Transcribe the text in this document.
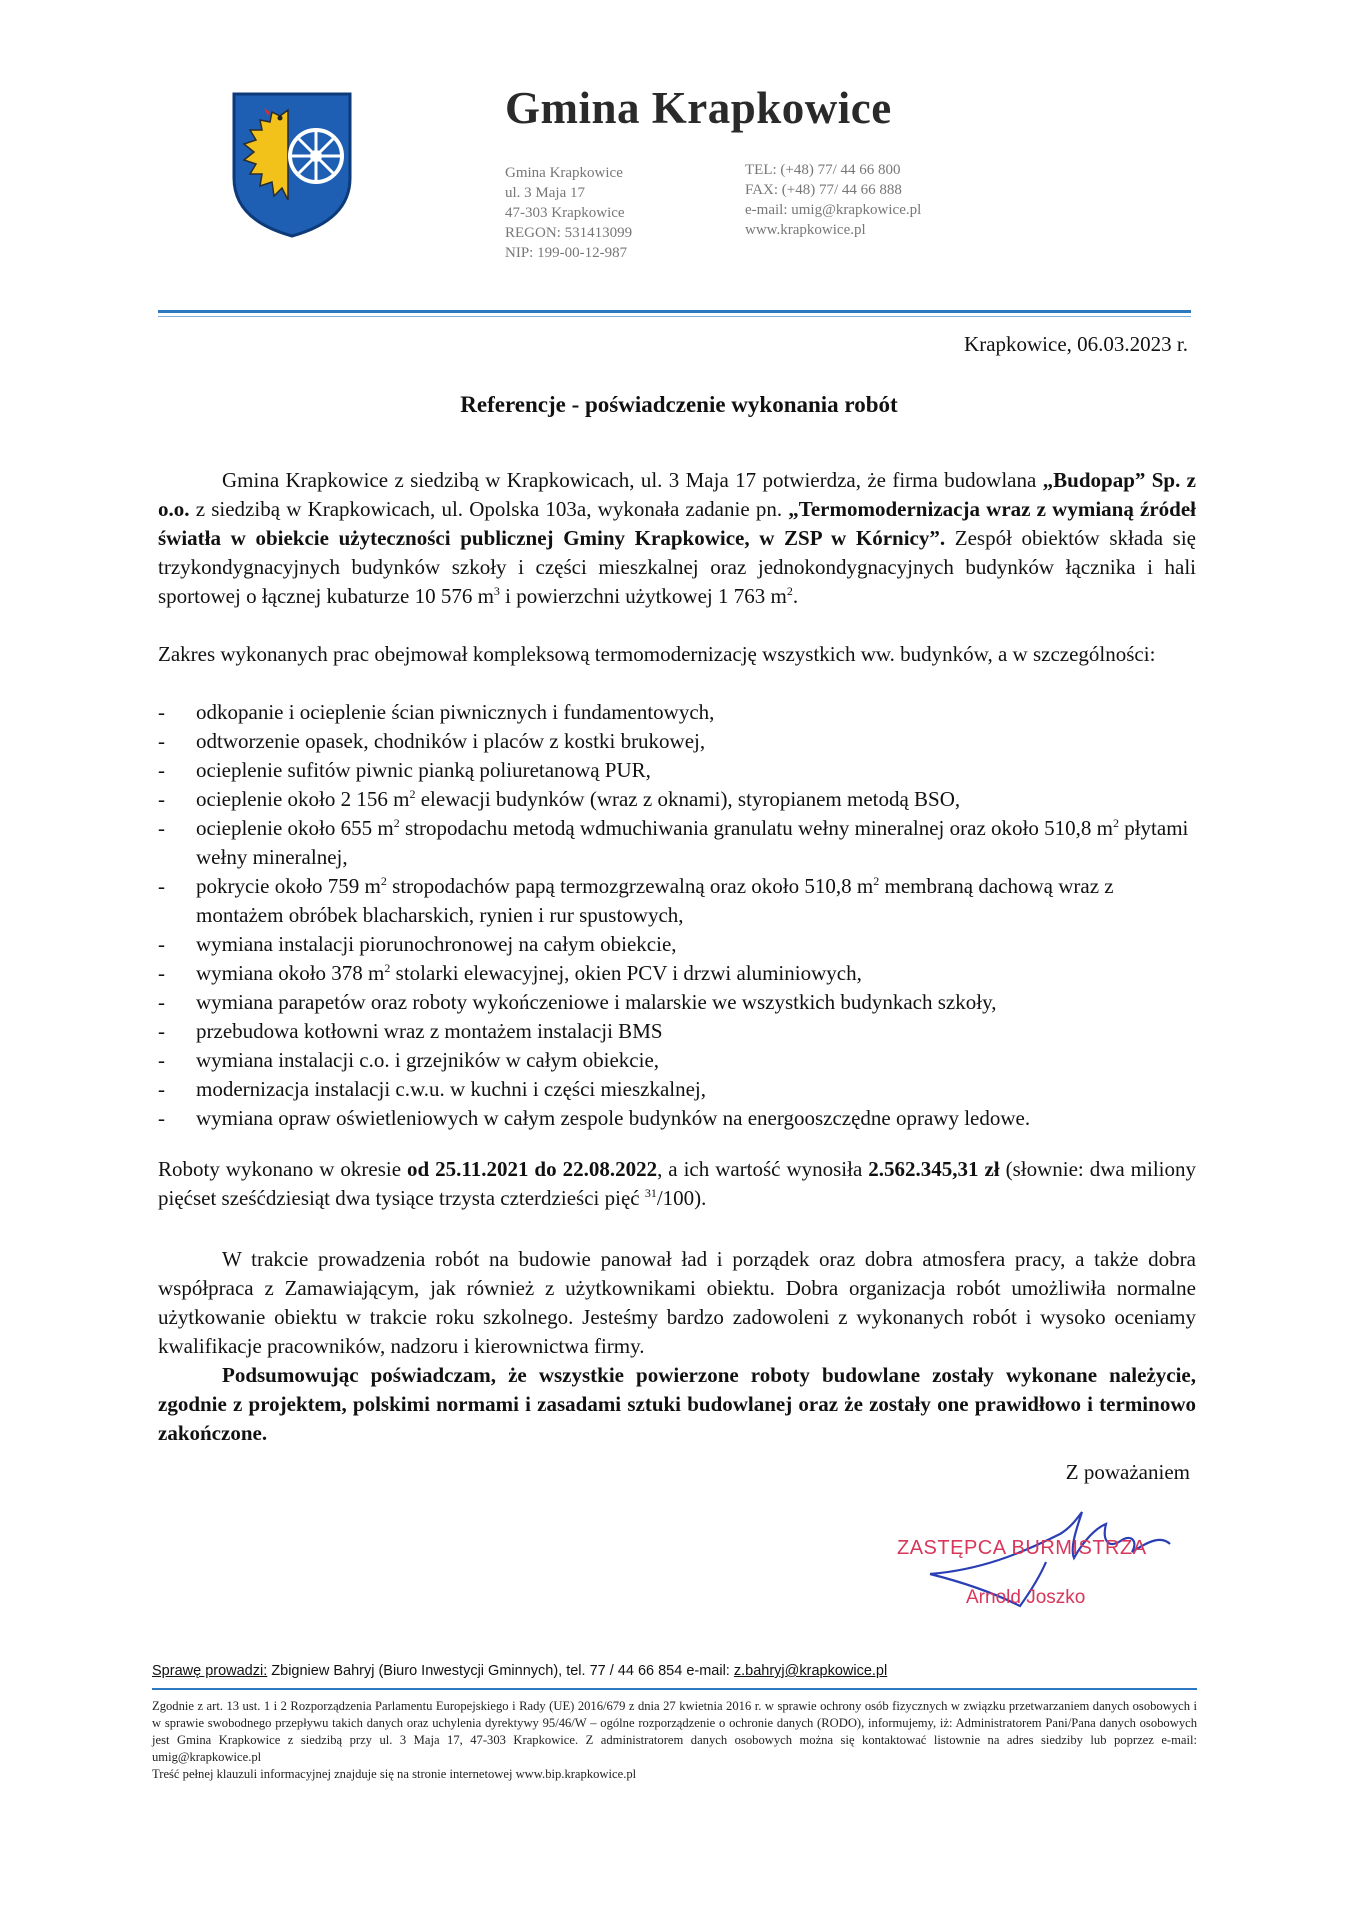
Gmina Krapkowice
Gmina Krapkowice
ul. 3 Maja 17
47-303 Krapkowice
REGON: 531413099
NIP: 199-00-12-987
TEL: (+48) 77/ 44 66 800
FAX: (+48) 77/ 44 66 888
e-mail: umig@krapkowice.pl
www.krapkowice.pl
Krapkowice, 06.03.2023 r.
Referencje - poświadczenie wykonania robót

Gmina Krapkowice z siedzibą w Krapkowicach, ul. 3 Maja 17 potwierdza, że firma budowlana „Budopap” Sp. z o.o. z siedzibą w Krapkowicach, ul. Opolska 103a, wykonała zadanie pn. „Termomodernizacja wraz z wymianą źródeł światła w obiekcie użyteczności publicznej Gminy Krapkowice, w ZSP w Kórnicy”. Zespół obiektów składa się trzykondygnacyjnych budynków szkoły i części mieszkalnej oraz jednokondygnacyjnych budynków łącznika i hali sportowej o łącznej kubaturze 10 576 $m^3$ i powierzchni użytkowej 1 763 $m^2$.

Zakres wykonanych prac obejmował kompleksową termomodernizację wszystkich ww. budynków, a w szczególności:
- odkopanie i ocieplenie ścian piwnicznych i fundamentowych,
- odtworzenie opasek, chodników i placów z kostki brukowej,
- ocieplenie sufitów piwnic pianką poliuretanową PUR,
- ocieplenie około 2 156 $m^2$ elewacji budynków (wraz z oknami), styropianem metodą BSO,
- ocieplenie około 655 $m^2$ stropodachu metodą wdmuchiwania granulatu wełny mineralnej oraz około 510,8 $m^2$ płytami wełny mineralnej,
- pokrycie około 759 $m^2$ stropodachów papą termozgrzewalną oraz około 510,8 $m^2$ membraną dachową wraz z montażem obróbek blacharskich, rynien i rur spustowych,
- wymiana instalacji piorunochronowej na całym obiekcie,
- wymiana około 378 $m^2$ stolarki elewacyjnej, okien PCV i drzwi aluminiowych,
- wymiana parapetów oraz roboty wykończeniowe i malarskie we wszystkich budynkach szkoły,
- przebudowa kotłowni wraz z montażem instalacji BMS
- wymiana instalacji c.o. i grzejników w całym obiekcie,
- modernizacja instalacji c.w.u. w kuchni i części mieszkalnej,
- wymiana opraw oświetleniowych w całym zespole budynków na energooszczędne oprawy ledowe.

Roboty wykonano w okresie od 25.11.2021 do 22.08.2022, a ich wartość wynosiła 2.562.345,31 zł (słownie: dwa miliony pięćset sześćdziesiąt dwa tysiące trzysta czterdzieści pięć $^{31}$/100).

W trakcie prowadzenia robót na budowie panował ład i porządek oraz dobra atmosfera pracy, a także dobra współpraca z Zamawiającym, jak również z użytkownikami obiektu. Dobra organizacja robót umożliwiła normalne użytkowanie obiektu w trakcie roku szkolnego. Jesteśmy bardzo zadowoleni z wykonanych robót i wysoko oceniamy kwalifikacje pracowników, nadzoru i kierownictwa firmy.

Podsumowując poświadczam, że wszystkie powierzone roboty budowlane zostały wykonane należycie, zgodnie z projektem, polskimi normami i zasadami sztuki budowlanej oraz że zostały one prawidłowo i terminowo zakończone.

Z poważaniem
ZASTĘPCA BURMISTRZA
Arnold Joszko
Sprawę prowadzi: Zbigniew Bahryj (Biuro Inwestycji Gminnych), tel. 77 / 44 66 854 e-mail: z.bahryj@krapkowice.pl

Zgodnie z art. 13 ust. 1 i 2 Rozporządzenia Parlamentu Europejskiego i Rady (UE) 2016/679 z dnia 27 kwietnia 2016 r. w sprawie ochrony osób fizycznych w związku przetwarzaniem danych osobowych i w sprawie swobodnego przepływu takich danych oraz uchylenia dyrektywy 95/46/W – ogólne rozporządzenie o ochronie danych (RODO), informujemy, iż: Administratorem Pani/Pana danych osobowych jest Gmina Krapkowice z siedzibą przy ul. 3 Maja 17, 47-303 Krapkowice. Z administratorem danych osobowych można się kontaktować listownie na adres siedziby lub poprzez e-mail: umig@krapkowice.pl

Treść pełnej klauzuli informacyjnej znajduje się na stronie internetowej www.bip.krapkowice.pl
